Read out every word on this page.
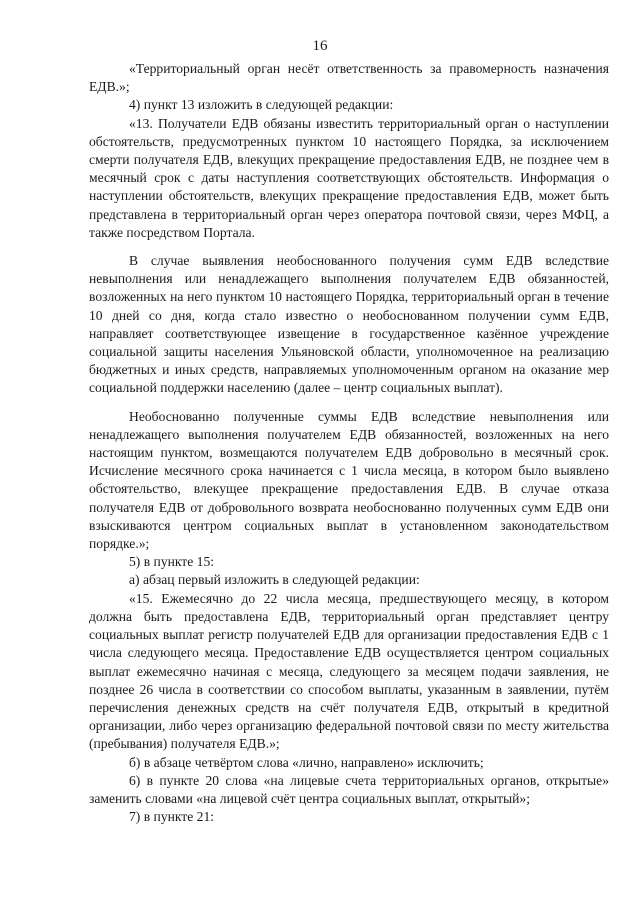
16

«Территориальный орган несёт ответственность за правомерность назначения ЕДВ.»;

4) пункт 13 изложить в следующей редакции:

«13. Получатели ЕДВ обязаны известить территориальный орган о наступлении обстоятельств, предусмотренных пунктом 10 настоящего Порядка, за исключением смерти получателя ЕДВ, влекущих прекращение предоставления ЕДВ, не позднее чем в месячный срок с даты наступления соответствующих обстоятельств. Информация о наступлении обстоятельств, влекущих прекращение предоставления ЕДВ, может быть представлена в территориальный орган через оператора почтовой связи, через МФЦ, а также посредством Портала.

В случае выявления необоснованного получения сумм ЕДВ вследствие невыполнения или ненадлежащего выполнения получателем ЕДВ обязанностей, возложенных на него пунктом 10 настоящего Порядка, территориальный орган в течение 10 дней со дня, когда стало известно о необоснованном получении сумм ЕДВ, направляет соответствующее извещение в государственное казённое учреждение социальной защиты населения Ульяновской области, уполномоченное на реализацию бюджетных и иных средств, направляемых уполномоченным органом на оказание мер социальной поддержки населению (далее – центр социальных выплат).

Необоснованно полученные суммы ЕДВ вследствие невыполнения или ненадлежащего выполнения получателем ЕДВ обязанностей, возложенных на него настоящим пунктом, возмещаются получателем ЕДВ добровольно в месячный срок. Исчисление месячного срока начинается с 1 числа месяца, в котором было выявлено обстоятельство, влекущее прекращение предоставления ЕДВ. В случае отказа получателя ЕДВ от добровольного возврата необоснованно полученных сумм ЕДВ они взыскиваются центром социальных выплат в установленном законодательством порядке.»;

5) в пункте 15:

а) абзац первый изложить в следующей редакции:

«15. Ежемесячно до 22 числа месяца, предшествующего месяцу, в котором должна быть предоставлена ЕДВ, территориальный орган представляет центру социальных выплат регистр получателей ЕДВ для организации предоставления ЕДВ с 1 числа следующего месяца. Предоставление ЕДВ осуществляется центром социальных выплат ежемесячно начиная с месяца, следующего за месяцем подачи заявления, не позднее 26 числа в соответствии со способом выплаты, указанным в заявлении, путём перечисления денежных средств на счёт получателя ЕДВ, открытый в кредитной организации, либо через организацию федеральной почтовой связи по месту жительства (пребывания) получателя ЕДВ.»;

б) в абзаце четвёртом слова «лично, направлено» исключить;

6) в пункте 20 слова «на лицевые счета территориальных органов, открытые» заменить словами «на лицевой счёт центра социальных выплат, открытый»;

7) в пункте 21:
